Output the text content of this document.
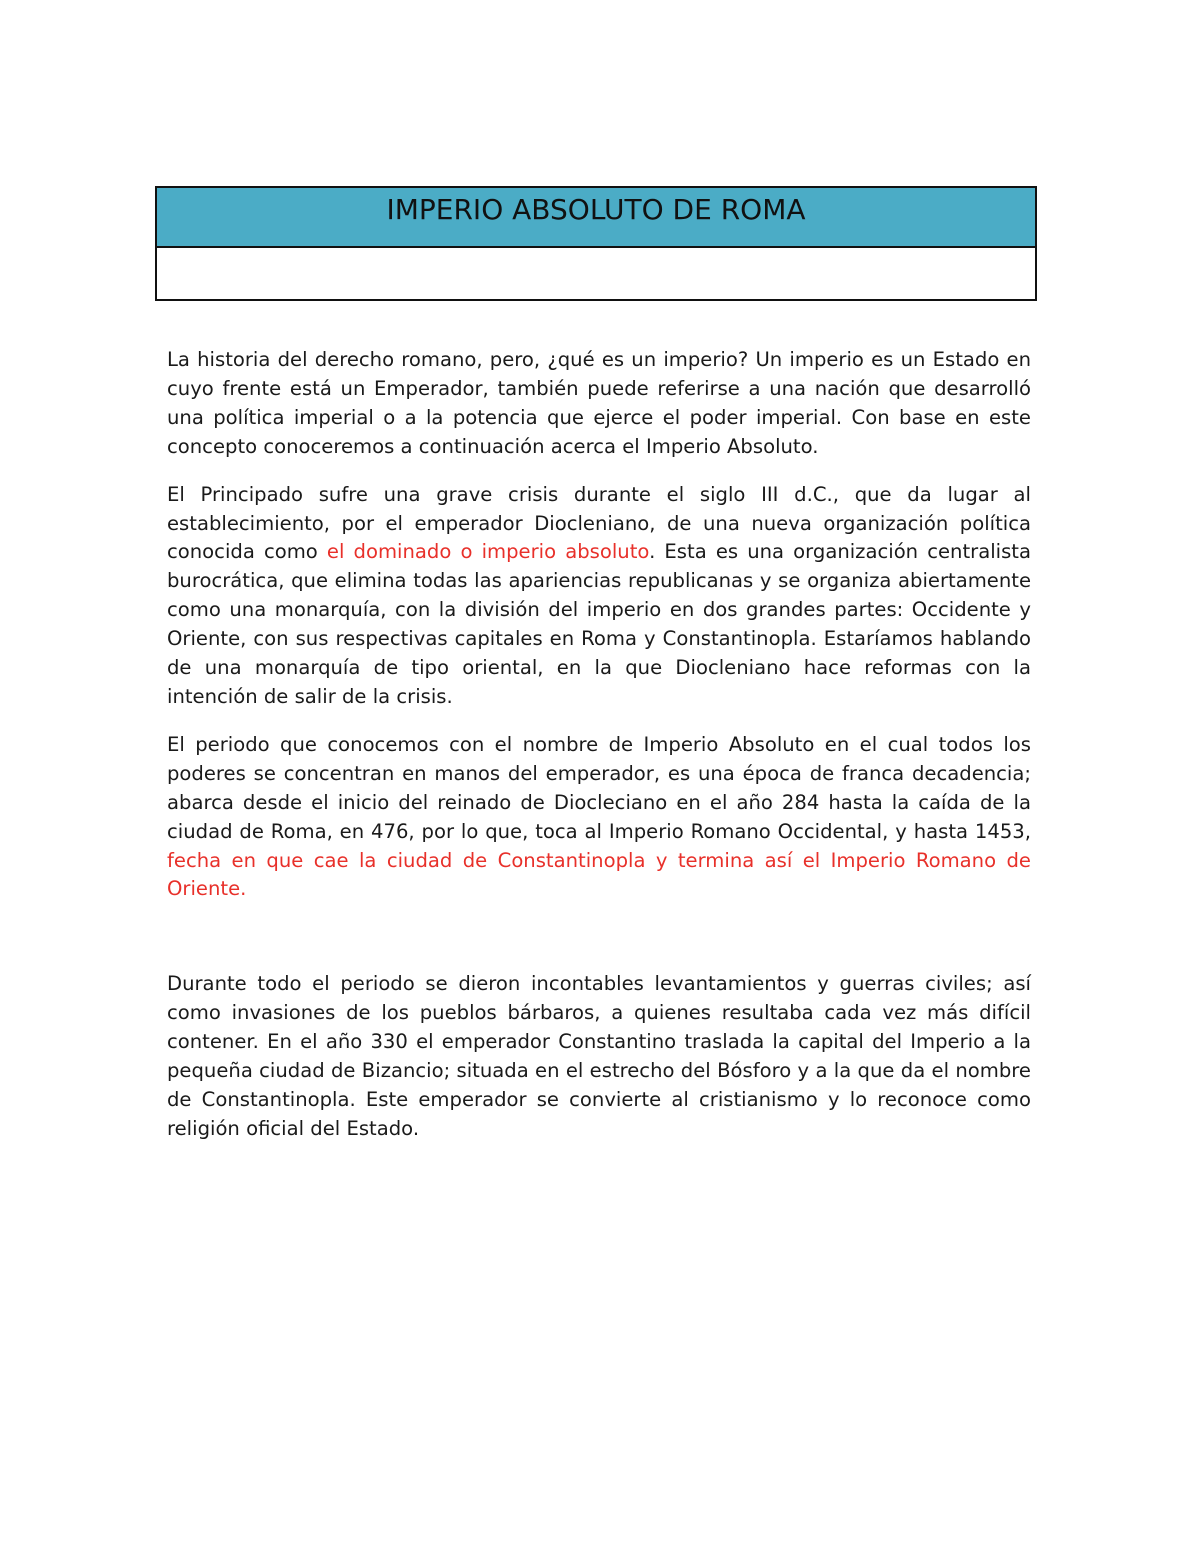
IMPERIO ABSOLUTO DE ROMA

La historia del derecho romano, pero, ¿qué es un imperio? Un imperio es un Estado en cuyo frente está un Emperador, también puede referirse a una nación que desarrolló una política imperial o a la potencia que ejerce el poder imperial. Con base en este concepto conoceremos a continuación acerca el Imperio Absoluto.

El Principado sufre una grave crisis durante el siglo III d.C., que da lugar al establecimiento, por el emperador Diocleniano, de una nueva organización política conocida como el dominado o imperio absoluto. Esta es una organización centralista burocrática, que elimina todas las apariencias republicanas y se organiza abiertamente como una monarquía, con la división del imperio en dos grandes partes: Occidente y Oriente, con sus respectivas capitales en Roma y Constantinopla. Estaríamos hablando de una monarquía de tipo oriental, en la que Diocleniano hace reformas con la intención de salir de la crisis.

El periodo que conocemos con el nombre de Imperio Absoluto en el cual todos los poderes se concentran en manos del emperador, es una época de franca decadencia; abarca desde el inicio del reinado de Diocleciano en el año 284 hasta la caída de la ciudad de Roma, en 476, por lo que, toca al Imperio Romano Occidental, y hasta 1453, fecha en que cae la ciudad de Constantinopla y termina así el Imperio Romano de Oriente.

Durante todo el periodo se dieron incontables levantamientos y guerras civiles; así como invasiones de los pueblos bárbaros, a quienes resultaba cada vez más difícil contener. En el año 330 el emperador Constantino traslada la capital del Imperio a la pequeña ciudad de Bizancio; situada en el estrecho del Bósforo y a la que da el nombre de Constantinopla. Este emperador se convierte al cristianismo y lo reconoce como religión oficial del Estado.
